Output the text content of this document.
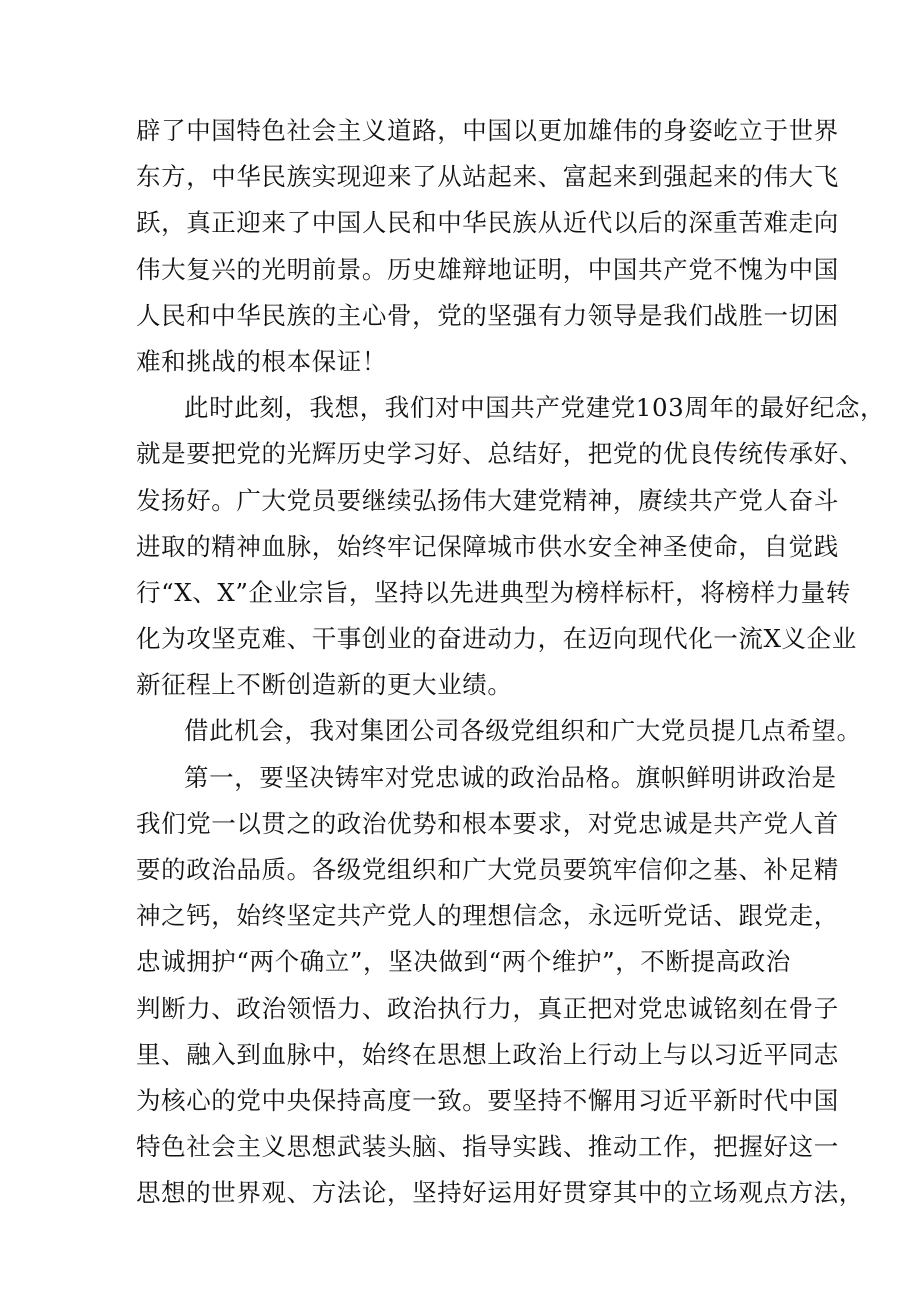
辟了中国特色社会主义道路，中国以更加雄伟的身姿屹立于世界
东方，中华民族实现迎来了从站起来、富起来到强起来的伟大飞
跃，真正迎来了中国人民和中华民族从近代以后的深重苦难走向
伟大复兴的光明前景。历史雄辩地证明，中国共产党不愧为中国
人民和中华民族的主心骨，党的坚强有力领导是我们战胜一切困
难和挑战的根本保证！
此时此刻，我想，我们对中国共产党建党103周年的最好纪念，
就是要把党的光辉历史学习好、总结好，把党的优良传统传承好、
发扬好。广大党员要继续弘扬伟大建党精神，赓续共产党人奋斗
进取的精神血脉，始终牢记保障城市供水安全神圣使命，自觉践
行“X、X”企业宗旨，坚持以先进典型为榜样标杆，将榜样力量转
化为攻坚克难、干事创业的奋进动力，在迈向现代化一流X义企业
新征程上不断创造新的更大业绩。
借此机会，我对集团公司各级党组织和广大党员提几点希望。
第一，要坚决铸牢对党忠诚的政治品格。旗帜鲜明讲政治是
我们党一以贯之的政治优势和根本要求，对党忠诚是共产党人首
要的政治品质。各级党组织和广大党员要筑牢信仰之基、补足精
神之钙，始终坚定共产党人的理想信念，永远听党话、跟党走，
忠诚拥护“两个确立”，坚决做到“两个维护”，不断提高政治
判断力、政治领悟力、政治执行力，真正把对党忠诚铭刻在骨子
里、融入到血脉中，始终在思想上政治上行动上与以习近平同志
为核心的党中央保持高度一致。要坚持不懈用习近平新时代中国
特色社会主义思想武装头脑、指导实践、推动工作，把握好这一
思想的世界观、方法论，坚持好运用好贯穿其中的立场观点方法，
